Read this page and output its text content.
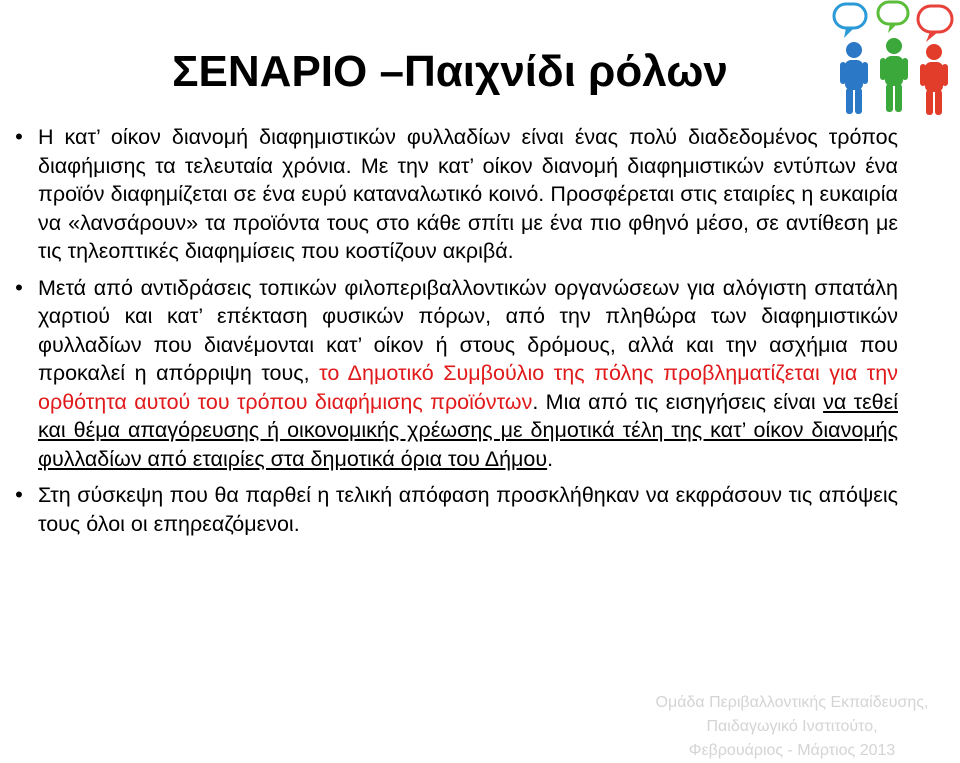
ΣΕΝΑΡΙΟ –Παιχνίδι ρόλων

• Η κατ’ οίκον διανομή διαφημιστικών φυλλαδίων είναι ένας πολύ διαδεδομένος τρόπος διαφήμισης τα τελευταία χρόνια. Με την κατ’ οίκον διανομή διαφημιστικών εντύπων ένα προϊόν διαφημίζεται σε ένα ευρύ καταναλωτικό κοινό. Προσφέρεται στις εταιρίες η ευκαιρία να «λανσάρουν» τα προϊόντα τους στο κάθε σπίτι με ένα πιο φθηνό μέσο, σε αντίθεση με τις τηλεοπτικές διαφημίσεις που κοστίζουν ακριβά.

• Μετά από αντιδράσεις τοπικών φιλοπεριβαλλοντικών οργανώσεων για αλόγιστη σπατάλη χαρτιού και κατ’ επέκταση φυσικών πόρων, από την πληθώρα των διαφημιστικών φυλλαδίων που διανέμονται κατ’ οίκον ή στους δρόμους, αλλά και την ασχήμια που προκαλεί η απόρριψη τους, το Δημοτικό Συμβούλιο της πόλης προβληματίζεται για την ορθότητα αυτού του τρόπου διαφήμισης προϊόντων. Μια από τις εισηγήσεις είναι να τεθεί και θέμα απαγόρευσης ή οικονομικής χρέωσης με δημοτικά τέλη της κατ’ οίκον διανομής φυλλαδίων από εταιρίες στα δημοτικά όρια του Δήμου.

• Στη σύσκεψη που θα παρθεί η τελική απόφαση προσκλήθηκαν να εκφράσουν τις απόψεις τους όλοι οι επηρεαζόμενοι.

Ομάδα Περιβαλλοντικής Εκπαίδευσης,
Παιδαγωγικό Ινστιτούτο,
Φεβρουάριος - Μάρτιος 2013
